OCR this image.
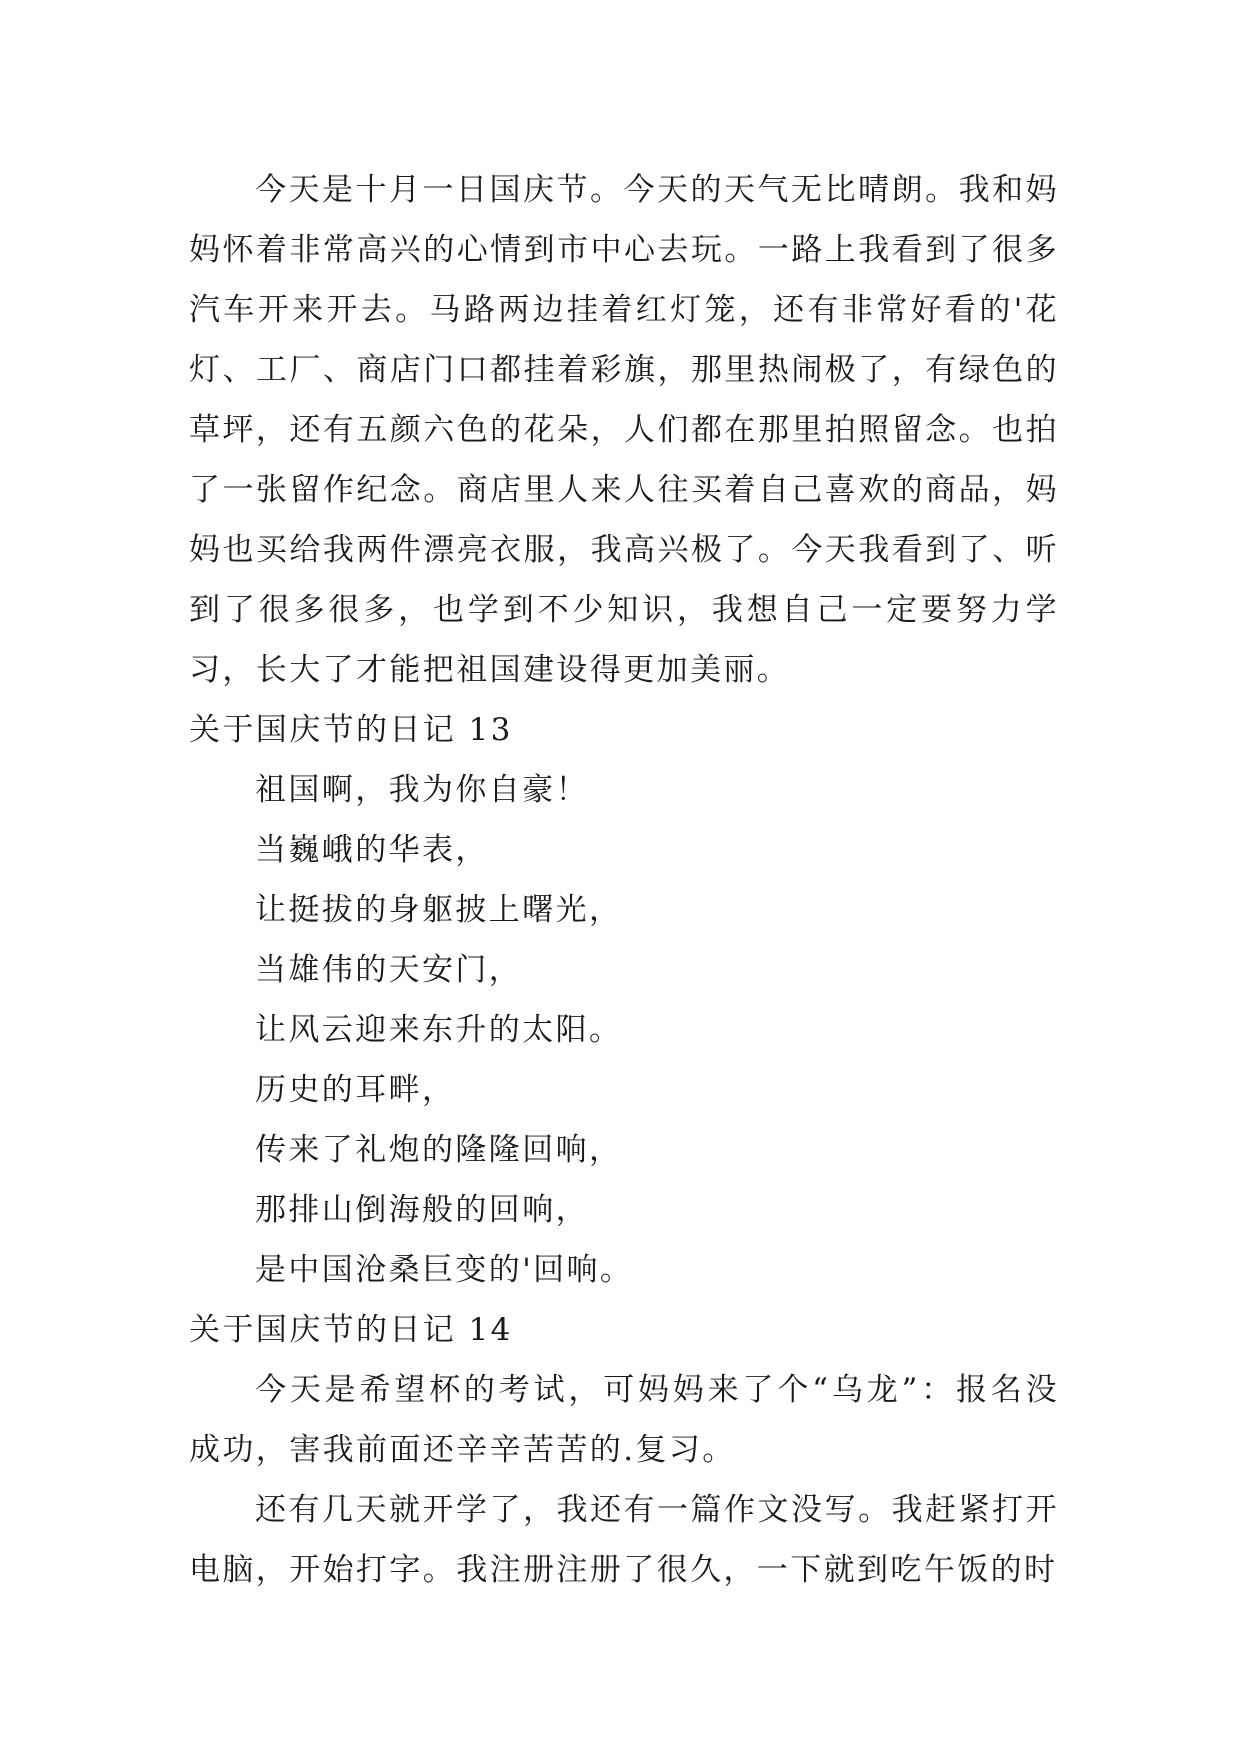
今天是十月一日国庆节。今天的天气无比晴朗。我和妈妈怀着非常高兴的心情到市中心去玩。一路上我看到了很多汽车开来开去。马路两边挂着红灯笼，还有非常好看的'花灯、工厂、商店门口都挂着彩旗，那里热闹极了，有绿色的草坪，还有五颜六色的花朵，人们都在那里拍照留念。也拍了一张留作纪念。商店里人来人往买着自己喜欢的商品，妈妈也买给我两件漂亮衣服，我高兴极了。今天我看到了、听到了很多很多，也学到不少知识，我想自己一定要努力学习，长大了才能把祖国建设得更加美丽。

关于国庆节的日记 13

祖国啊，我为你自豪！

当巍峨的华表，

让挺拔的身躯披上曙光，

当雄伟的天安门，

让风云迎来东升的太阳。

历史的耳畔，

传来了礼炮的隆隆回响，

那排山倒海般的回响，

是中国沧桑巨变的'回响。

关于国庆节的日记 14

今天是希望杯的考试，可妈妈来了个“乌龙”：报名没成功，害我前面还辛辛苦苦的.复习。

还有几天就开学了，我还有一篇作文没写。我赶紧打开电脑，开始打字。我注册注册了很久，一下就到吃午饭的时
